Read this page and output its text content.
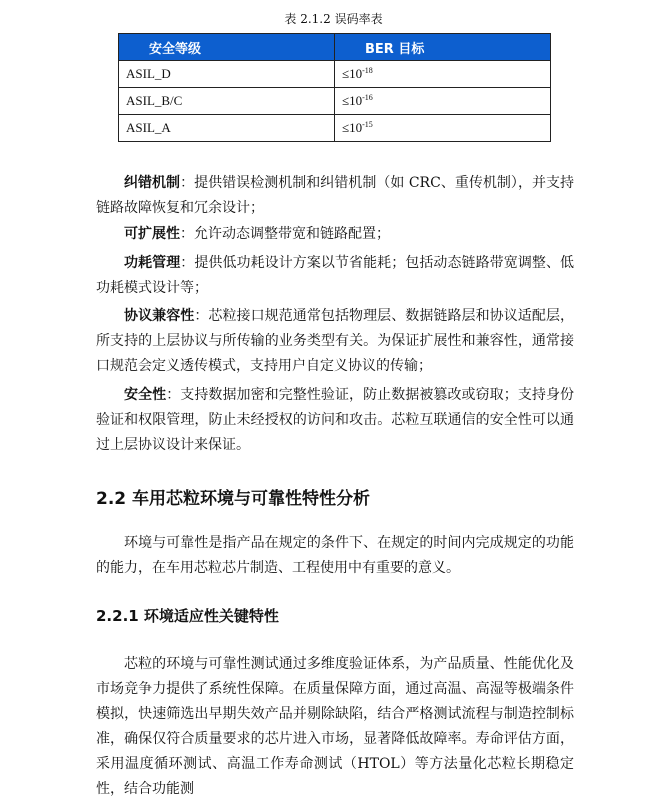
表 2.1.2 误码率表
安全等级	BER 目标
ASIL_D	$\le 10^{-18}$
ASIL_B/C	$\le 10^{-16}$
ASIL_A	$\le 10^{-15}$
纠错机制：提供错误检测机制和纠错机制（如 CRC、重传机制），并支持链路故障恢复和冗余设计；
可扩展性：允许动态调整带宽和链路配置；
功耗管理：提供低功耗设计方案以节省能耗；包括动态链路带宽调整、低功耗模式设计等；
协议兼容性：芯粒接口规范通常包括物理层、数据链路层和协议适配层，所支持的上层协议与所传输的业务类型有关。为保证扩展性和兼容性，通常接口规范会定义透传模式，支持用户自定义协议的传输；
安全性：支持数据加密和完整性验证，防止数据被篡改或窃取；支持身份验证和权限管理，防止未经授权的访问和攻击。芯粒互联通信的安全性可以通过上层协议设计来保证。
2.2 车用芯粒环境与可靠性特性分析
环境与可靠性是指产品在规定的条件下、在规定的时间内完成规定的功能的能力，在车用芯粒芯片制造、工程使用中有重要的意义。
2.2.1 环境适应性关键特性
芯粒的环境与可靠性测试通过多维度验证体系，为产品质量、性能优化及市场竞争力提供了系统性保障。在质量保障方面，通过高温、高湿等极端条件模拟，快速筛选出早期失效产品并剔除缺陷，结合严格测试流程与制造控制标准，确保仅符合质量要求的芯片进入市场，显著降低故障率。寿命评估方面，采用温度循环测试、高温工作寿命测试（HTOL）等方法量化芯粒长期稳定性，结合功能测
